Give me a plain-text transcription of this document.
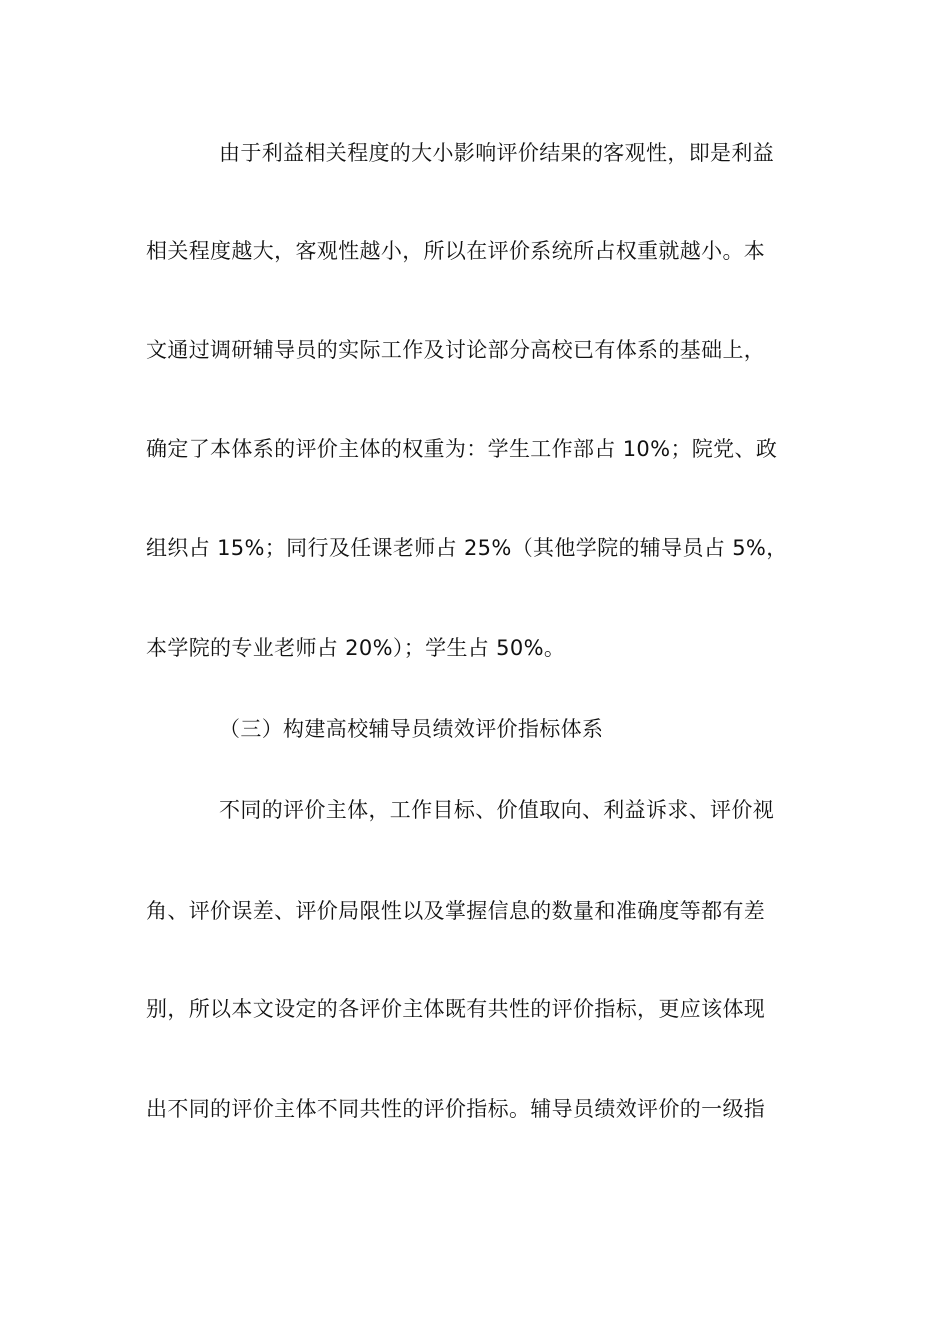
由于利益相关程度的大小影响评价结果的客观性，即是利益
相关程度越大，客观性越小，所以在评价系统所占权重就越小。本
文通过调研辅导员的实际工作及讨论部分高校已有体系的基础上，
确定了本体系的评价主体的权重为：学生工作部占 10%；院党、政
组织占 15%；同行及任课老师占 25%（其他学院的辅导员占 5%，
本学院的专业老师占 20%）；学生占 50%。
（三）构建高校辅导员绩效评价指标体系
不同的评价主体，工作目标、价值取向、利益诉求、评价视
角、评价误差、评价局限性以及掌握信息的数量和准确度等都有差
别，所以本文设定的各评价主体既有共性的评价指标，更应该体现
出不同的评价主体不同共性的评价指标。辅导员绩效评价的一级指
